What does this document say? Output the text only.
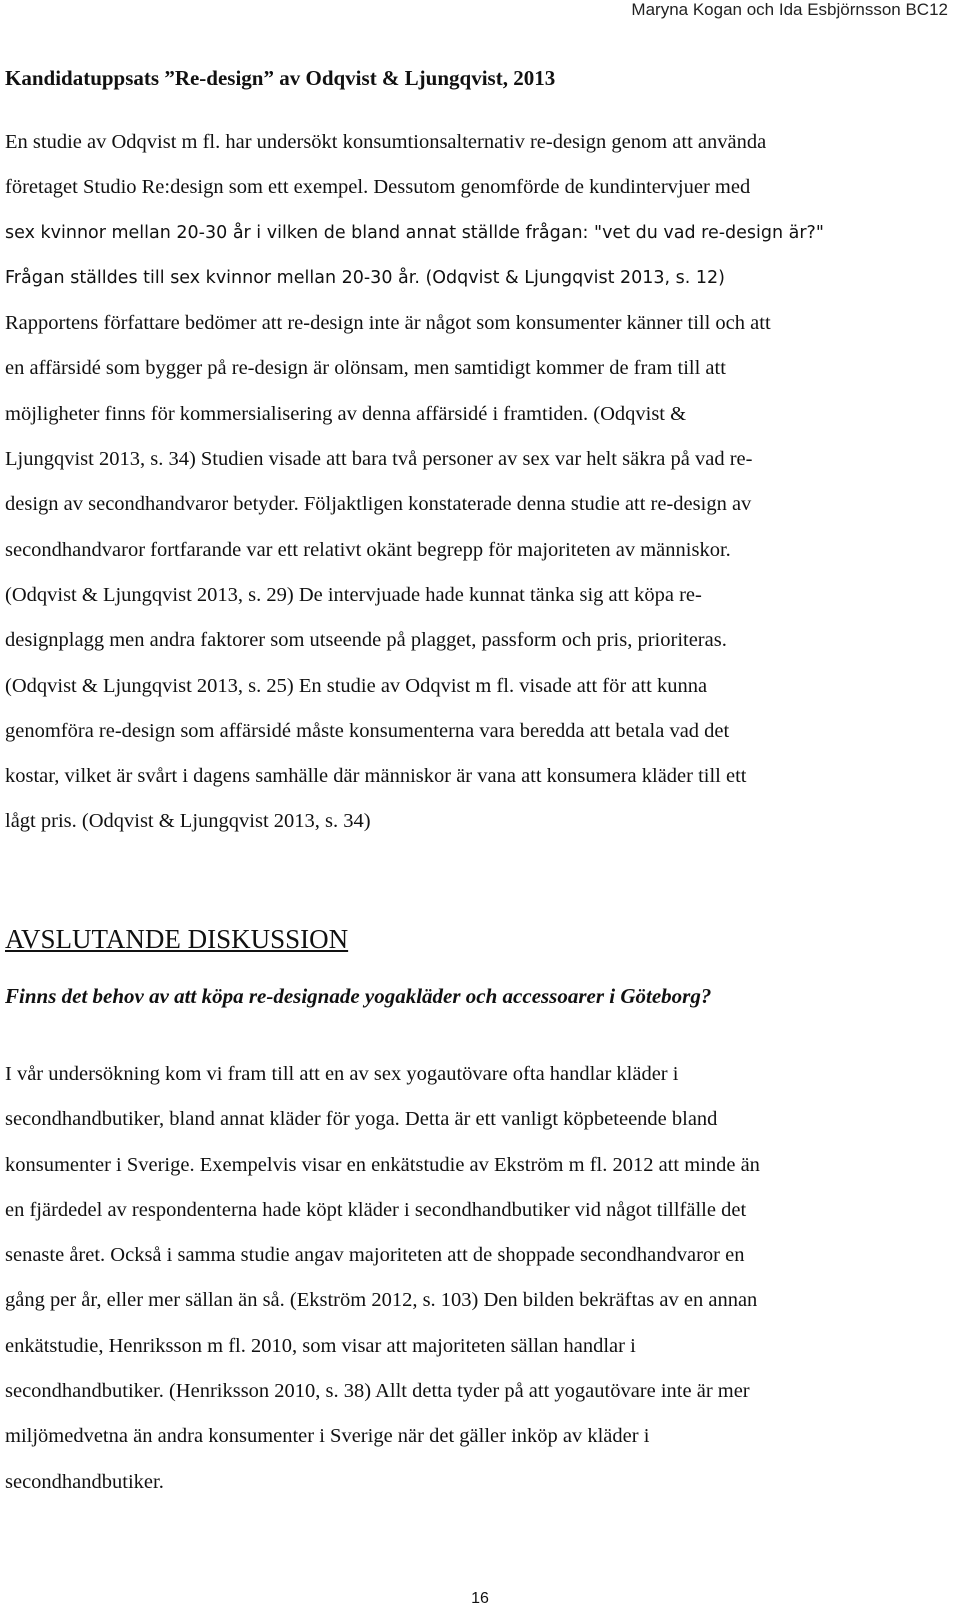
Maryna Kogan och Ida Esbjörnsson BC12
Kandidatuppsats ”Re-design” av Odqvist & Ljungqvist, 2013
En studie av Odqvist m fl. har undersökt konsumtionsalternativ re-design genom att använda
företaget Studio Re:design som ett exempel. Dessutom genomförde de kundintervjuer med
sex kvinnor mellan 20-30 år i vilken de bland annat ställde frågan: "vet du vad re-design är?"
Frågan ställdes till sex kvinnor mellan 20-30 år. (Odqvist & Ljungqvist 2013, s. 12)
Rapportens författare bedömer att re-design inte är något som konsumenter känner till och att
en affärsidé som bygger på re-design är olönsam, men samtidigt kommer de fram till att
möjligheter finns för kommersialisering av denna affärsidé i framtiden. (Odqvist &
Ljungqvist 2013, s. 34) Studien visade att bara två personer av sex var helt säkra på vad re-
design av secondhandvaror betyder. Följaktligen konstaterade denna studie att re-design av
secondhandvaror fortfarande var ett relativt okänt begrepp för majoriteten av människor.
(Odqvist & Ljungqvist 2013, s. 29) De intervjuade hade kunnat tänka sig att köpa re-
designplagg men andra faktorer som utseende på plagget, passform och pris, prioriteras.
(Odqvist & Ljungqvist 2013, s. 25) En studie av Odqvist m fl. visade att för att kunna
genomföra re-design som affärsidé måste konsumenterna vara beredda att betala vad det
kostar, vilket är svårt i dagens samhälle där människor är vana att konsumera kläder till ett
lågt pris. (Odqvist & Ljungqvist 2013, s. 34)
AVSLUTANDE DISKUSSION
Finns det behov av att köpa re-designade yogakläder och accessoarer i Göteborg?
I vår undersökning kom vi fram till att en av sex yogautövare ofta handlar kläder i
secondhandbutiker, bland annat kläder för yoga. Detta är ett vanligt köpbeteende bland
konsumenter i Sverige. Exempelvis visar en enkätstudie av Ekström m fl. 2012 att minde än
en fjärdedel av respondenterna hade köpt kläder i secondhandbutiker vid något tillfälle det
senaste året. Också i samma studie angav majoriteten att de shoppade secondhandvaror en
gång per år, eller mer sällan än så. (Ekström 2012, s. 103) Den bilden bekräftas av en annan
enkätstudie, Henriksson m fl. 2010, som visar att majoriteten sällan handlar i
secondhandbutiker. (Henriksson 2010, s. 38) Allt detta tyder på att yogautövare inte är mer
miljömedvetna än andra konsumenter i Sverige när det gäller inköp av kläder i
secondhandbutiker.
16
